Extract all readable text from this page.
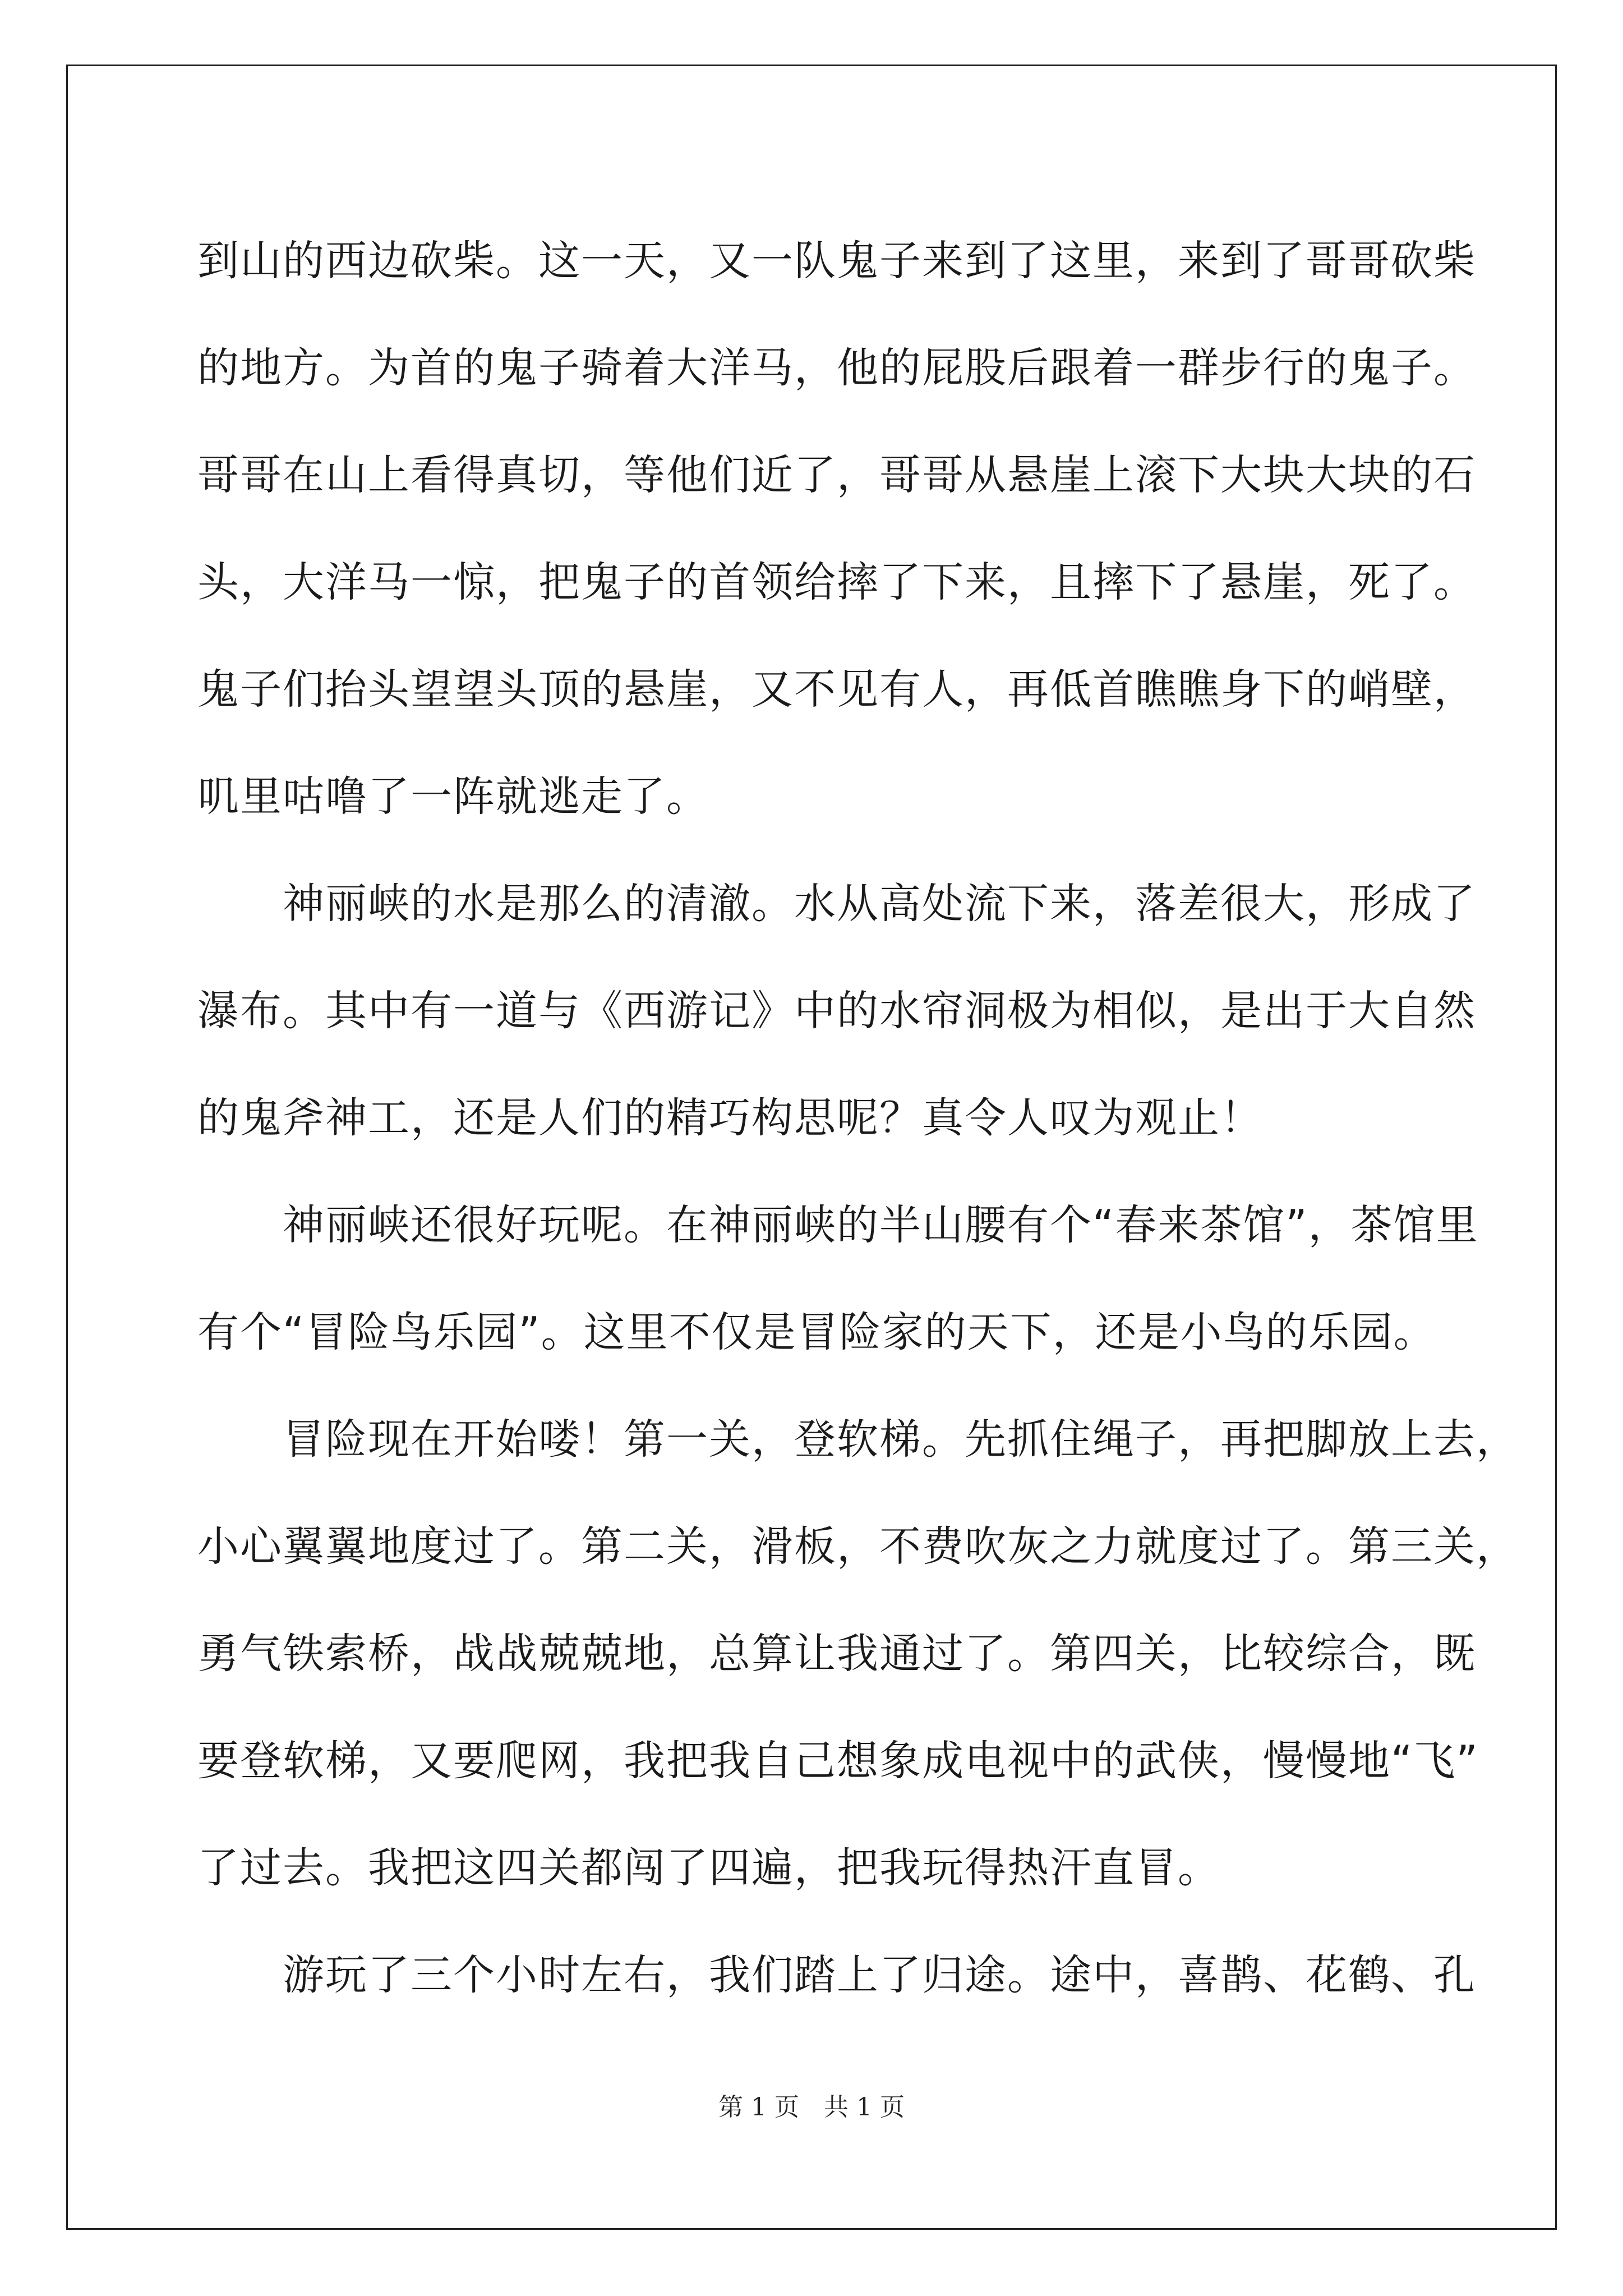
到山的西边砍柴。这一天，又一队鬼子来到了这里，来到了哥哥砍柴
的地方。为首的鬼子骑着大洋马，他的屁股后跟着一群步行的鬼子。
哥哥在山上看得真切，等他们近了，哥哥从悬崖上滚下大块大块的石
头，大洋马一惊，把鬼子的首领给摔了下来，且摔下了悬崖，死了。
鬼子们抬头望望头顶的悬崖，又不见有人，再低首瞧瞧身下的峭壁，
叽里咕噜了一阵就逃走了。
　　神丽峡的水是那么的清澈。水从高处流下来，落差很大，形成了
瀑布。其中有一道与《西游记》中的水帘洞极为相似，是出于大自然
的鬼斧神工，还是人们的精巧构思呢？真令人叹为观止！
　　神丽峡还很好玩呢。在神丽峡的半山腰有个“春来茶馆”，茶馆里
有个“冒险鸟乐园”。这里不仅是冒险家的天下，还是小鸟的乐园。
　　冒险现在开始喽！第一关，登软梯。先抓住绳子，再把脚放上去，
小心翼翼地度过了。第二关，滑板，不费吹灰之力就度过了。第三关，
勇气铁索桥，战战兢兢地，总算让我通过了。第四关，比较综合，既
要登软梯，又要爬网，我把我自己想象成电视中的武侠，慢慢地“飞”
了过去。我把这四关都闯了四遍，把我玩得热汗直冒。
　　游玩了三个小时左右，我们踏上了归途。途中，喜鹊、花鹤、孔
第 1 页　共 1 页
